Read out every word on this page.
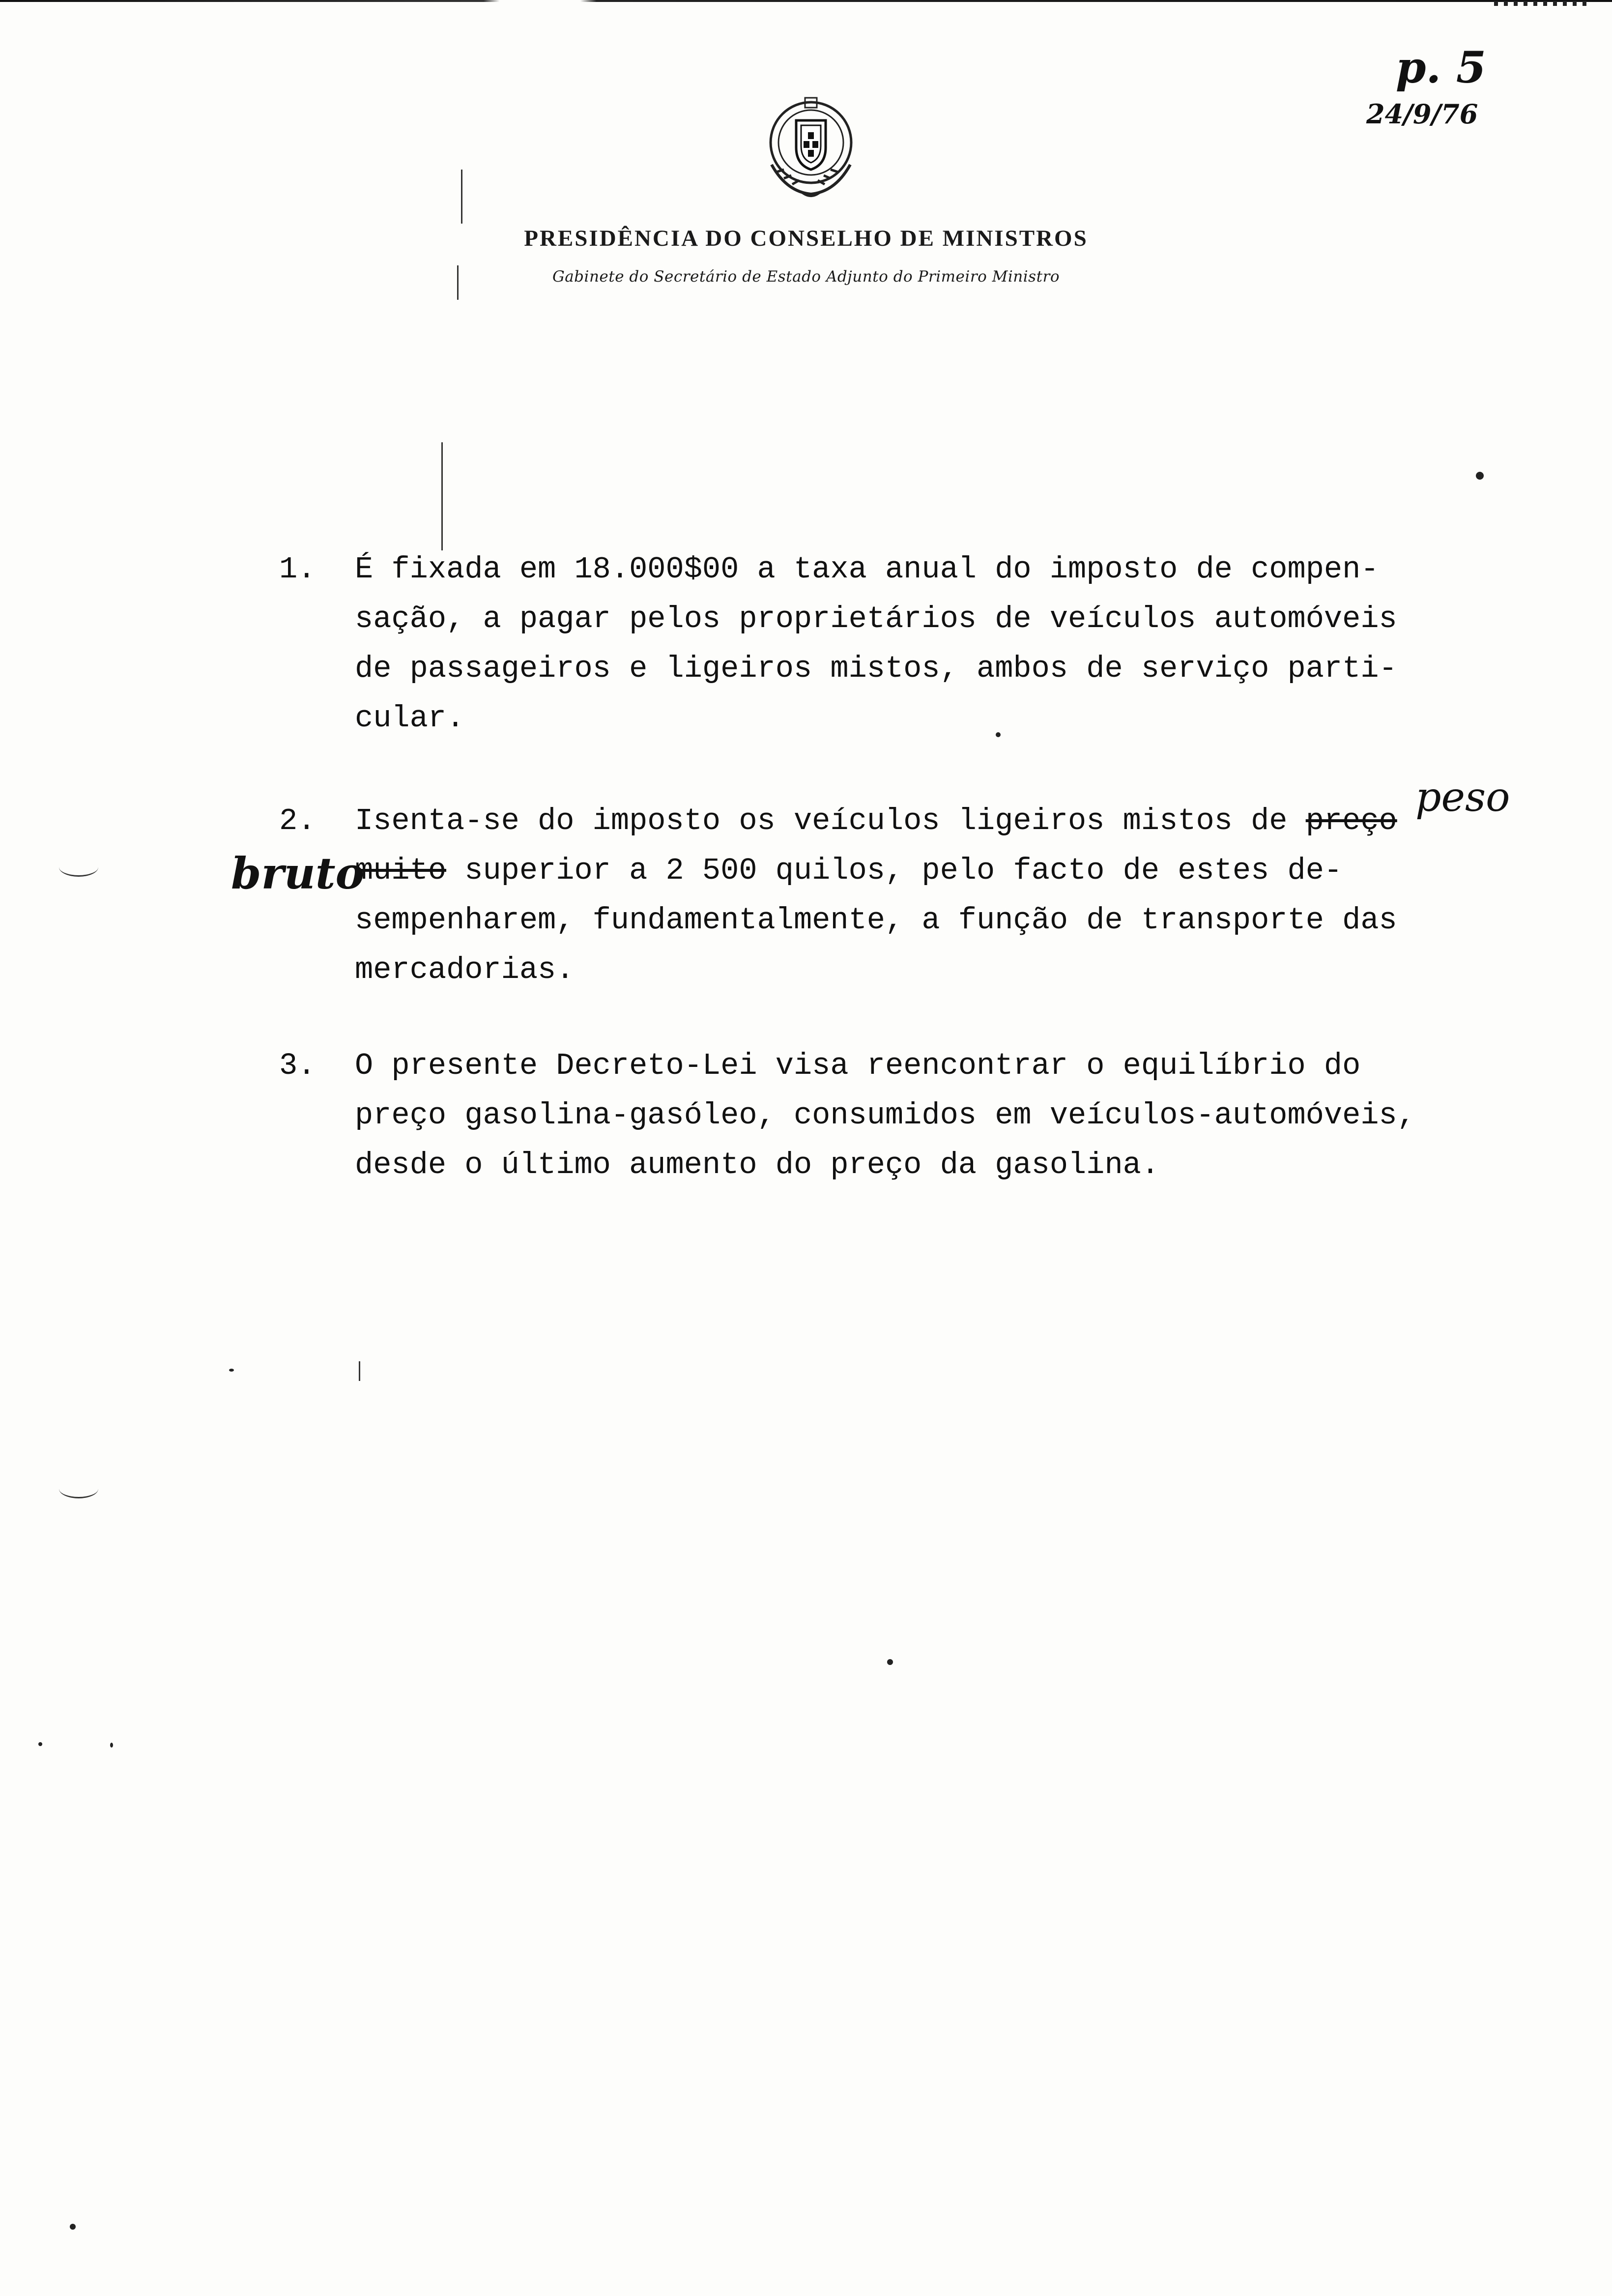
PRESIDÊNCIA DO CONSELHO DE MINISTROS
Gabinete do Secretário de Estado Adjunto do Primeiro Ministro
p. 5
24/9/76
1. É fixada em 18.000$00 a taxa anual do imposto de compen-
sação, a pagar pelos proprietários de veículos automóveis
de passageiros e ligeiros mistos, ambos de serviço parti-
cular.
peso
bruto
2. Isenta-se do imposto os veículos ligeiros mistos de preço
muito superior a 2 500 quilos, pelo facto de estes de-
sempenharem, fundamentalmente, a função de transporte das
mercadorias.
3. O presente Decreto-Lei visa reencontrar o equilíbrio do
preço gasolina-gasóleo, consumidos em veículos-automóveis,
desde o último aumento do preço da gasolina.
